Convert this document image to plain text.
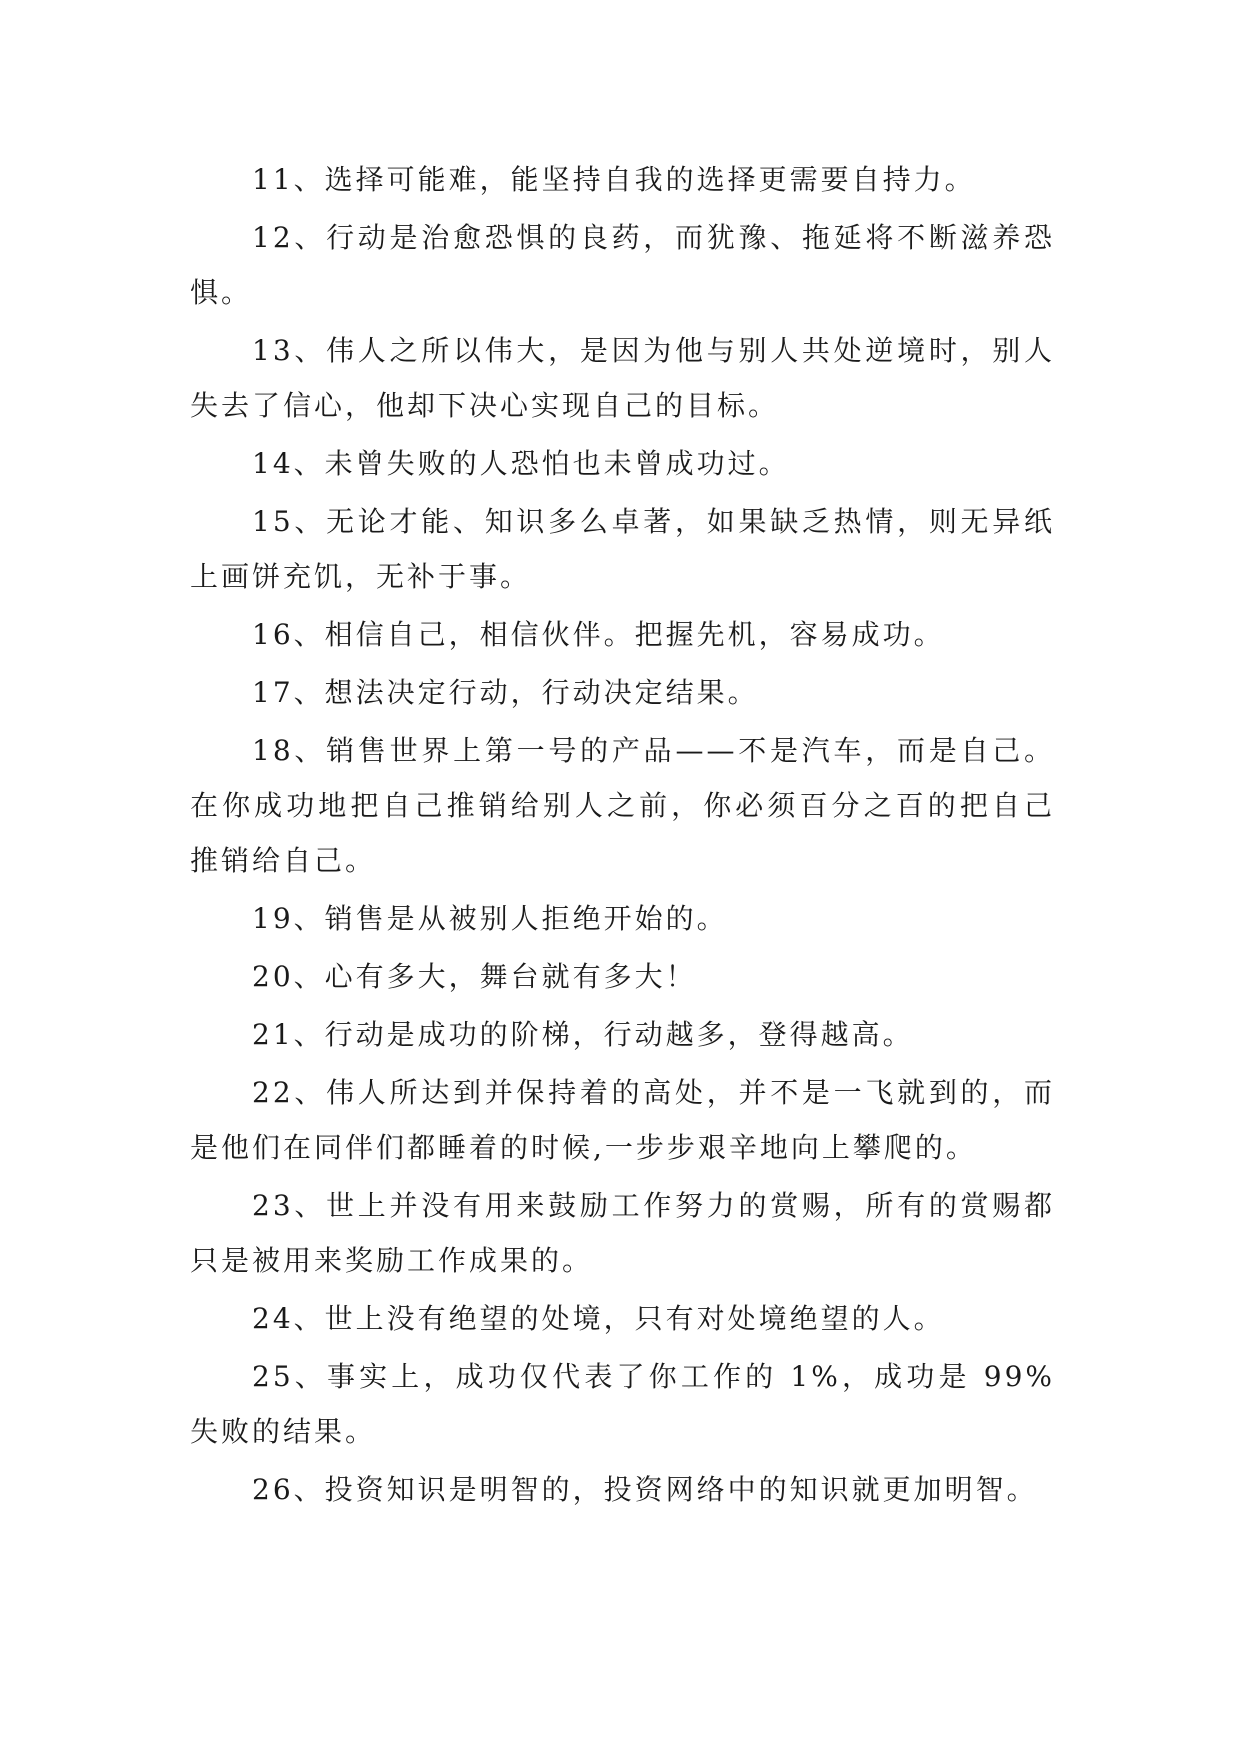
11、选择可能难，能坚持自我的选择更需要自持力。

12、行动是治愈恐惧的良药，而犹豫、拖延将不断滋养恐惧。

13、伟人之所以伟大，是因为他与别人共处逆境时，别人失去了信心，他却下决心实现自己的目标。

14、未曾失败的人恐怕也未曾成功过。

15、无论才能、知识多么卓著，如果缺乏热情，则无异纸上画饼充饥，无补于事。

16、相信自己，相信伙伴。把握先机，容易成功。

17、想法决定行动，行动决定结果。

18、销售世界上第一号的产品——不是汽车，而是自己。在你成功地把自己推销给别人之前，你必须百分之百的把自己推销给自己。

19、销售是从被别人拒绝开始的。

20、心有多大，舞台就有多大！

21、行动是成功的阶梯，行动越多，登得越高。

22、伟人所达到并保持着的高处，并不是一飞就到的，而是他们在同伴们都睡着的时候,一步步艰辛地向上攀爬的。

23、世上并没有用来鼓励工作努力的赏赐，所有的赏赐都只是被用来奖励工作成果的。

24、世上没有绝望的处境，只有对处境绝望的人。

25、事实上，成功仅代表了你工作的 1%，成功是 99%失败的结果。

26、投资知识是明智的，投资网络中的知识就更加明智。
